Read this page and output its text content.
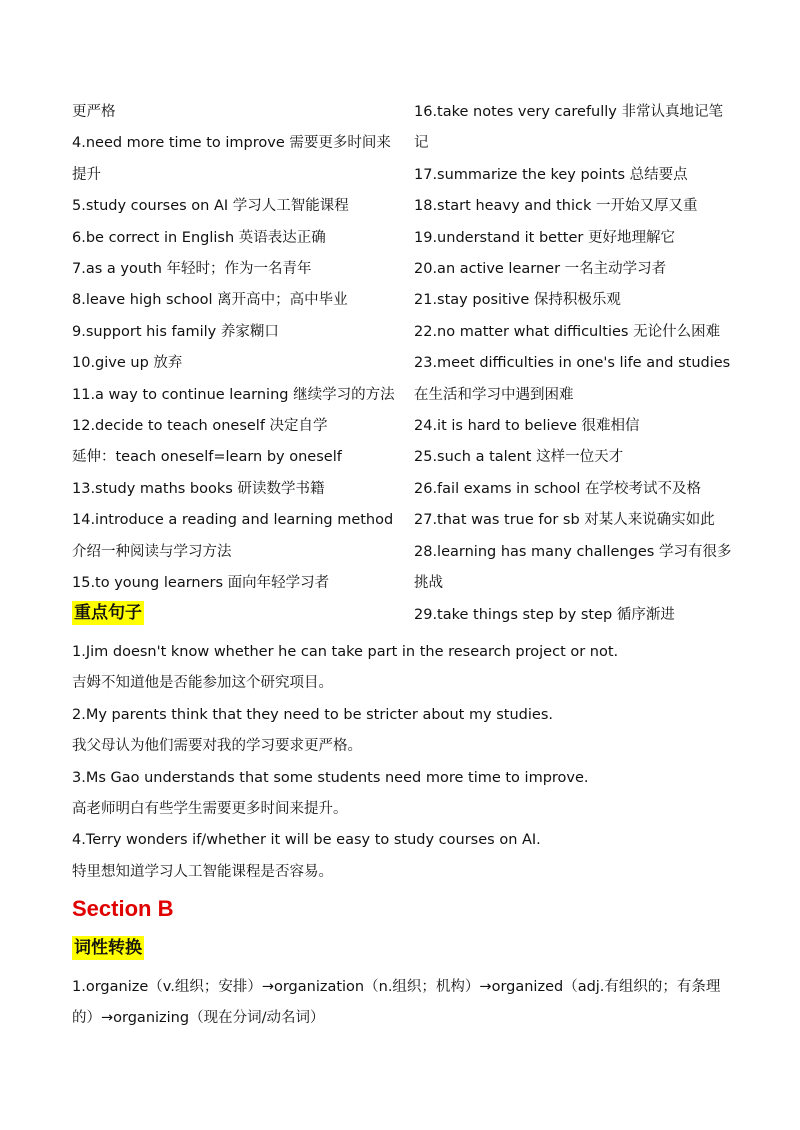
更严格
4.need more time to improve 需要更多时间来提升
5.study courses on AI 学习人工智能课程
6.be correct in English 英语表达正确
7.as a youth 年轻时；作为一名青年
8.leave high school 离开高中；高中毕业
9.support his family 养家糊口
10.give up 放弃
11.a way to continue learning 继续学习的方法
12.decide to teach oneself 决定自学
延伸：teach oneself=learn by oneself
13.study maths books 研读数学书籍
14.introduce a reading and learning method 介绍一种阅读与学习方法
15.to young learners 面向年轻学习者
16.take notes very carefully 非常认真地记笔记
17.summarize the key points 总结要点
18.start heavy and thick 一开始又厚又重
19.understand it better 更好地理解它
20.an active learner 一名主动学习者
21.stay positive 保持积极乐观
22.no matter what difficulties 无论什么困难
23.meet difficulties in one's life and studies 在生活和学习中遇到困难
24.it is hard to believe 很难相信
25.such a talent 这样一位天才
26.fail exams in school 在学校考试不及格
27.that was true for sb 对某人来说确实如此
28.learning has many challenges 学习有很多挑战
29.take things step by step 循序渐进
重点句子
1.Jim doesn't know whether he can take part in the research project or not.
吉姆不知道他是否能参加这个研究项目。
2.My parents think that they need to be stricter about my studies.
我父母认为他们需要对我的学习要求更严格。
3.Ms Gao understands that some students need more time to improve.
高老师明白有些学生需要更多时间来提升。
4.Terry wonders if/whether it will be easy to study courses on AI.
特里想知道学习人工智能课程是否容易。
Section B
词性转换
1.organize（v.组织；安排）→organization（n.组织；机构）→organized（adj.有组织的；有条理的）→organizing（现在分词/动名词）
